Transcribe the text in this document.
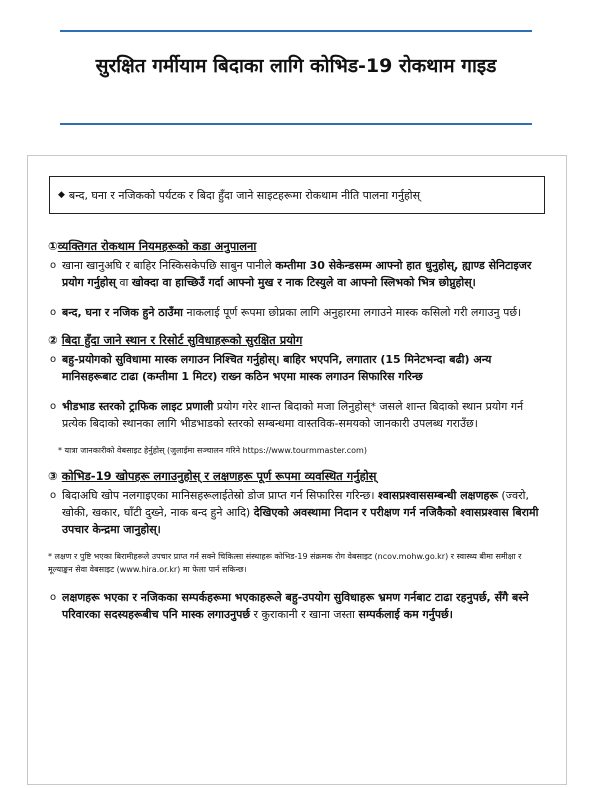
सुरक्षित गर्मीयाम बिदाका लागि कोभिड-19 रोकथाम गाइड
◆ बन्द, घना र नजिकको पर्यटक र बिदा हुँदा जाने साइटहरूमा रोकथाम नीति पालना गर्नुहोस्
①व्यक्तिगत रोकथाम नियमहरूको कडा अनुपालना
ο खाना खानुअघि र बाहिर निस्किसकेपछि साबुन पानीले कम्तीमा 30 सेकेन्डसम्म आफ्नो हात धुनुहोस्, ह्याण्ड सेनिटाइजर प्रयोग गर्नुहोस् वा खोक्दा वा हाच्छिउँ गर्दा आफ्नो मुख र नाक टिस्युले वा आफ्नो स्लिभको भित्र छोप्नुहोस्।
ο बन्द, घना र नजिक हुने ठाउँमा नाकलाई पूर्ण रूपमा छोप्नका लागि अनुहारमा लगाउने मास्क कसिलो गरी लगाउनु पर्छ।
② बिदा हुँदा जाने स्थान र रिसोर्ट सुविधाहरूको सुरक्षित प्रयोग
ο बहु-प्रयोगको सुविधामा मास्क लगाउन निश्चित गर्नुहोस्। बाहिर भएपनि, लगातार (15 मिनेटभन्दा बढी) अन्य मानिसहरूबाट टाढा (कम्तीमा 1 मिटर) राख्न कठिन भएमा मास्क लगाउन सिफारिस गरिन्छ
ο भीडभाड स्तरको ट्राफिक लाइट प्रणाली प्रयोग गरेर शान्त बिदाको मजा लिनुहोस्* जसले शान्त बिदाको स्थान प्रयोग गर्न प्रत्येक बिदाको स्थानका लागि भीडभाडको स्तरको सम्बन्धमा वास्तविक-समयको जानकारी उपलब्ध गराउँछ।
* यात्रा जानकारीको वेबसाइट हेर्नुहोस् (जुलाईमा सञ्चालन गरिने https://www.tourmmaster.com)
③ कोभिड-19 खोपहरू लगाउनुहोस् र लक्षणहरू पूर्ण रूपमा व्यवस्थित गर्नुहोस्
ο बिदाअघि खोप नलगाइएका मानिसहरूलाईतेस्रो डोज प्राप्त गर्न सिफारिस गरिन्छ। श्वासप्रश्वाससम्बन्धी लक्षणहरू (ज्वरो, खोकी, खकार, घाँटी दुख्ने, नाक बन्द हुने आदि) देखिएको अवस्थामा निदान र परीक्षण गर्न नजिकैको श्वासप्रश्वास बिरामी उपचार केन्द्रमा जानुहोस्।
* लक्षण र पुष्टि भएका बिरामीहरूले उपचार प्राप्त गर्न सक्ने चिकित्सा संस्थाहरू कोभिड-19 संक्रमक रोग वेबसाइट (ncov.mohw.go.kr) र स्वास्थ्य बीमा समीक्षा र मूल्याङ्कन सेवा वेबसाइट (www.hira.or.kr) मा फेला पार्न सकिन्छ।
ο लक्षणहरू भएका र नजिकका सम्पर्कहरूमा भएकाहरूले बहु-उपयोग सुविधाहरू भ्रमण गर्नबाट टाढा रहनुपर्छ, सँगै बस्ने परिवारका सदस्यहरूबीच पनि मास्क लगाउनुपर्छ र कुराकानी र खाना जस्ता सम्पर्कलाई कम गर्नुपर्छ।
